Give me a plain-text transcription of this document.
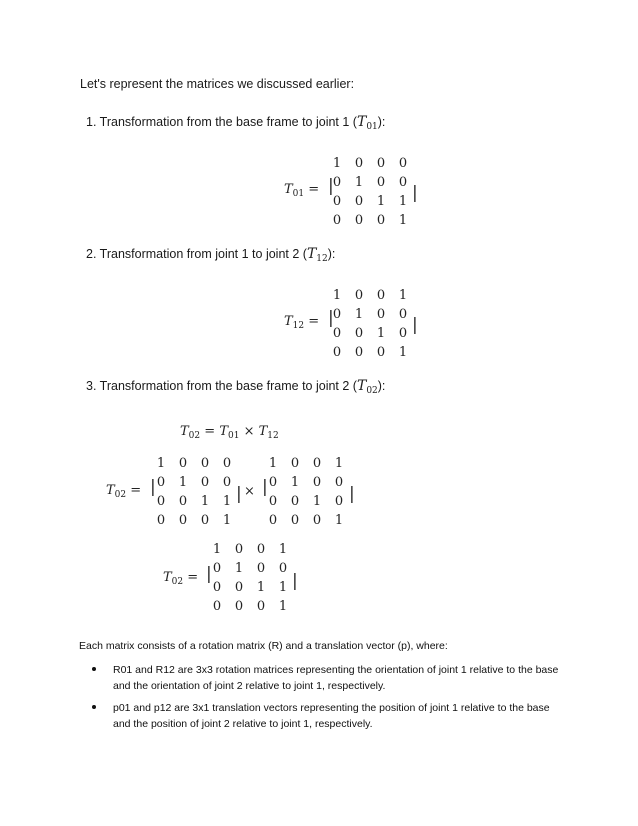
Let's represent the matrices we discussed earlier:
1. Transformation from the base frame to joint 1 $(T_{01})$:
$T_{01}$ = |	|
1 0 0 0
0 1 0 0
0 0 1 1
0 0 0 1
2. Transformation from joint 1 to joint 2 $(T_{12})$:
$T_{12}$ = |	|
1 0 0 1
0 1 0 0
0 0 1 0
0 0 0 1
3. Transformation from the base frame to joint 2 $(T_{02})$:
$T_{02} = T_{01} \times T_{12}$
$T_{02}$ = |
1 0 0 0
0 1 0 0
0 0 1 1
0 0 0 1
| × |
1 0 0 1
0 1 0 0
0 0 1 0
0 0 0 1
|
$T_{02}$ = |
1 0 0 1
0 1 0 0
0 0 1 1
0 0 0 1
|
Each matrix consists of a rotation matrix (R) and a translation vector (p), where:
R01 and R12 are 3x3 rotation matrices representing the orientation of joint 1 relative to the base
and the orientation of joint 2 relative to joint 1, respectively.
p01 and p12 are 3x1 translation vectors representing the position of joint 1 relative to the base
and the position of joint 2 relative to joint 1, respectively.
